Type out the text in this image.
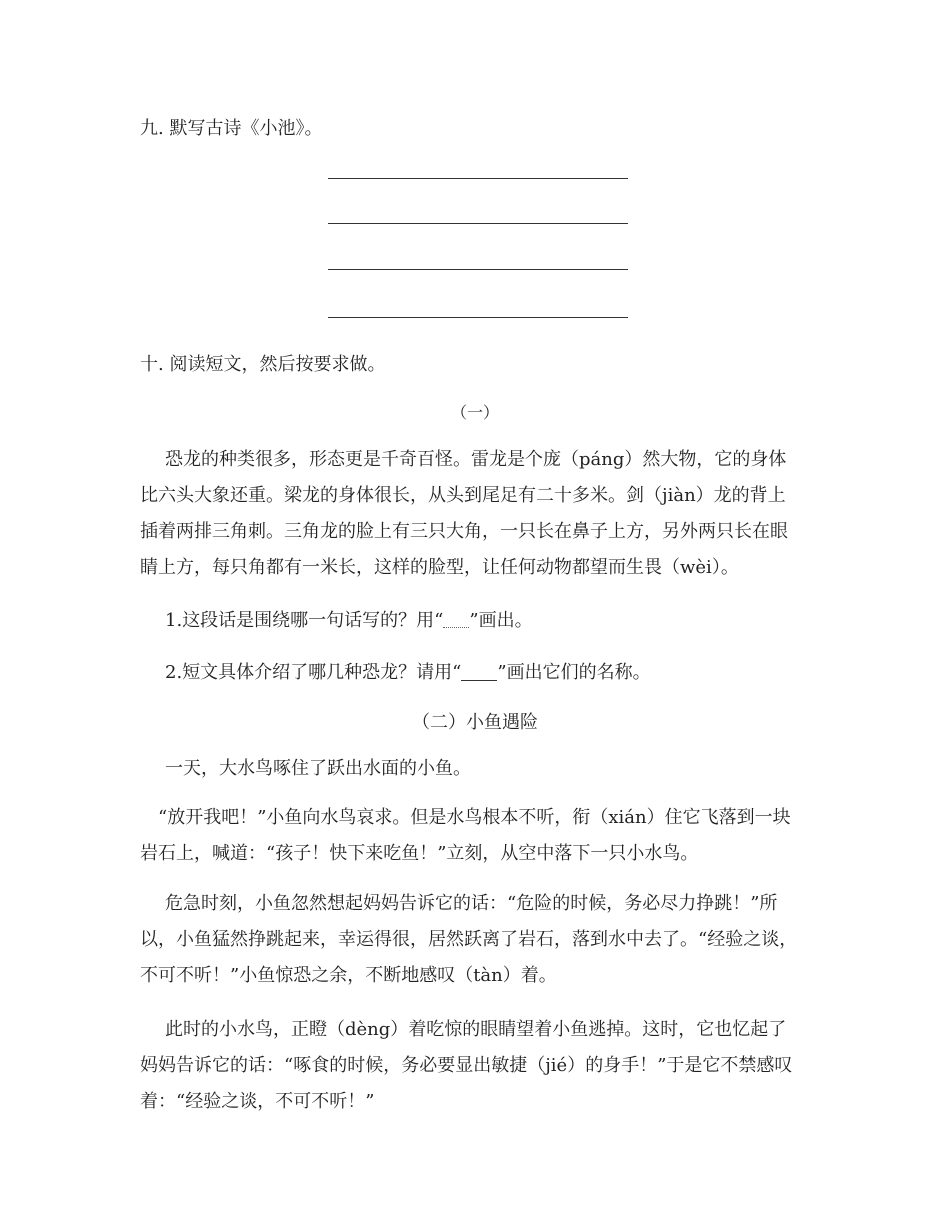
九. 默写古诗《小池》。
十. 阅读短文，然后按要求做。
（一）

恐龙的种类很多，形态更是千奇百怪。雷龙是个庞（páng）然大物，它的身体

比六头大象还重。梁龙的身体很长，从头到尾足有二十多米。剑（jiàn）龙的背上

插着两排三角刺。三角龙的脸上有三只大角，一只长在鼻子上方，另外两只长在眼

睛上方，每只角都有一米长，这样的脸型，让任何动物都望而生畏（wèi）。

1.这段话是围绕哪一句话写的？用“ ”画出。
2.短文具体介绍了哪几种恐龙？请用“ ”画出它们的名称。
（二）小鱼遇险

一天，大水鸟啄住了跃出水面的小鱼。

“放开我吧！”小鱼向水鸟哀求。但是水鸟根本不听，衔（xián）住它飞落到一块

岩石上，喊道：“孩子！快下来吃鱼！”立刻，从空中落下一只小水鸟。

危急时刻，小鱼忽然想起妈妈告诉它的话：“危险的时候，务必尽力挣跳！”所

以，小鱼猛然挣跳起来，幸运得很，居然跃离了岩石，落到水中去了。“经验之谈，

不可不听！”小鱼惊恐之余，不断地感叹（tàn）着。

此时的小水鸟，正瞪（dèng）着吃惊的眼睛望着小鱼逃掉。这时，它也忆起了

妈妈告诉它的话：“啄食的时候，务必要显出敏捷（jié）的身手！”于是它不禁感叹

着：“经验之谈，不可不听！”
